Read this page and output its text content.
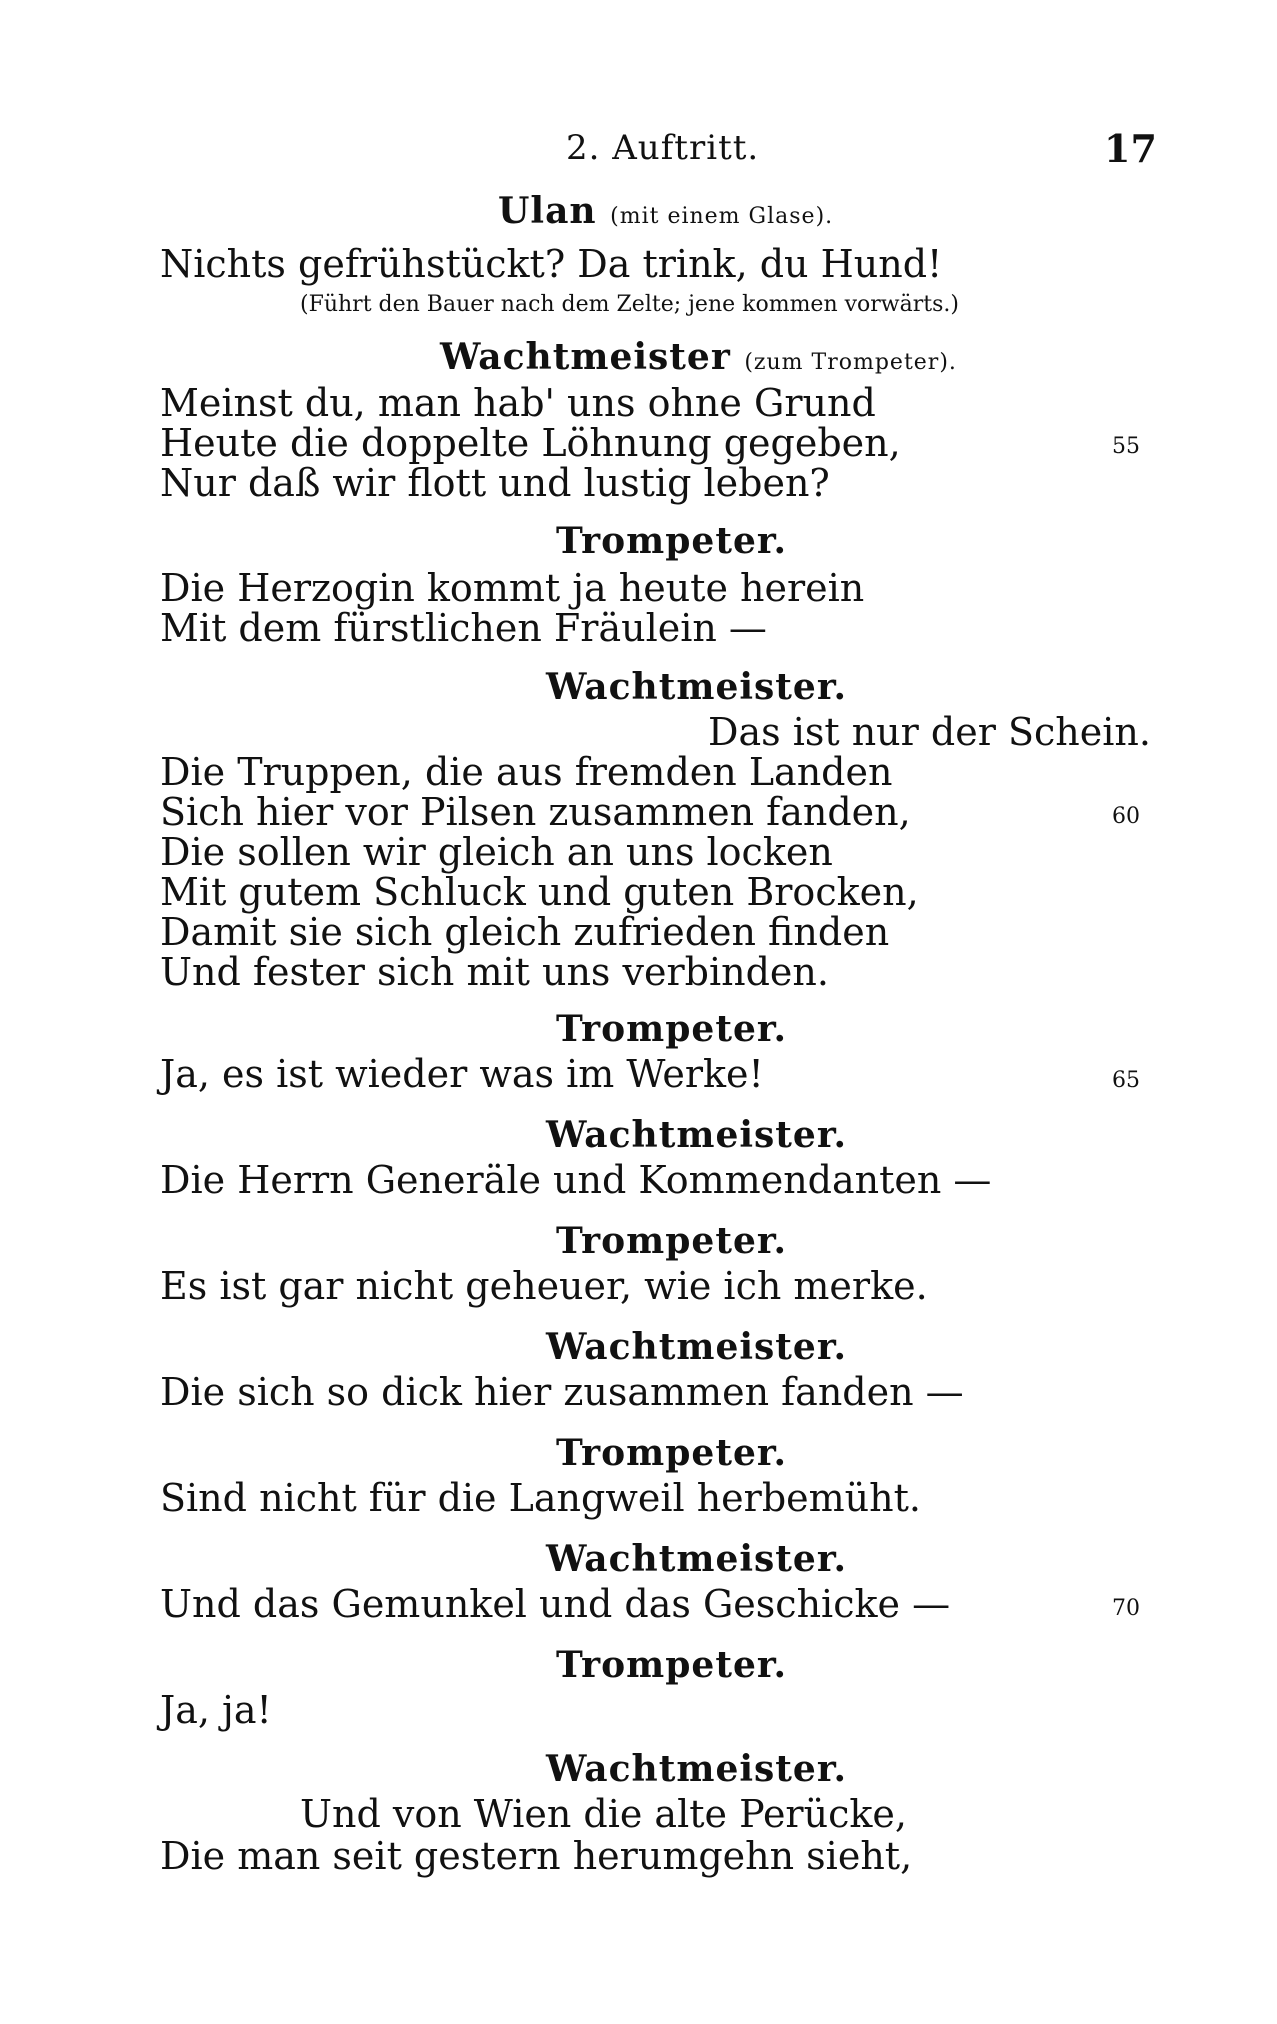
2. Auftritt.	17
Ulan (mit einem Glase).
Nichts gefrühstückt? Da trink, du Hund!
(Führt den Bauer nach dem Zelte; jene kommen vorwärts.)
Wachtmeister (zum Trompeter).
Meinst du, man hab' uns ohne Grund
Heute die doppelte Löhnung gegeben,	55
Nur daß wir flott und lustig leben?
Trompeter.
Die Herzogin kommt ja heute herein
Mit dem fürstlichen Fräulein —
Wachtmeister.
Das ist nur der Schein.
Die Truppen, die aus fremden Landen
Sich hier vor Pilsen zusammen fanden,	60
Die sollen wir gleich an uns locken
Mit gutem Schluck und guten Brocken,
Damit sie sich gleich zufrieden finden
Und fester sich mit uns verbinden.
Trompeter.
Ja, es ist wieder was im Werke!	65
Wachtmeister.
Die Herrn Generäle und Kommendanten —
Trompeter.
Es ist gar nicht geheuer, wie ich merke.
Wachtmeister.
Die sich so dick hier zusammen fanden —
Trompeter.
Sind nicht für die Langweil herbemüht.
Wachtmeister.
Und das Gemunkel und das Geschicke —	70
Trompeter.
Ja, ja!
Wachtmeister.
Und von Wien die alte Perücke,
Die man seit gestern herumgehn sieht,
